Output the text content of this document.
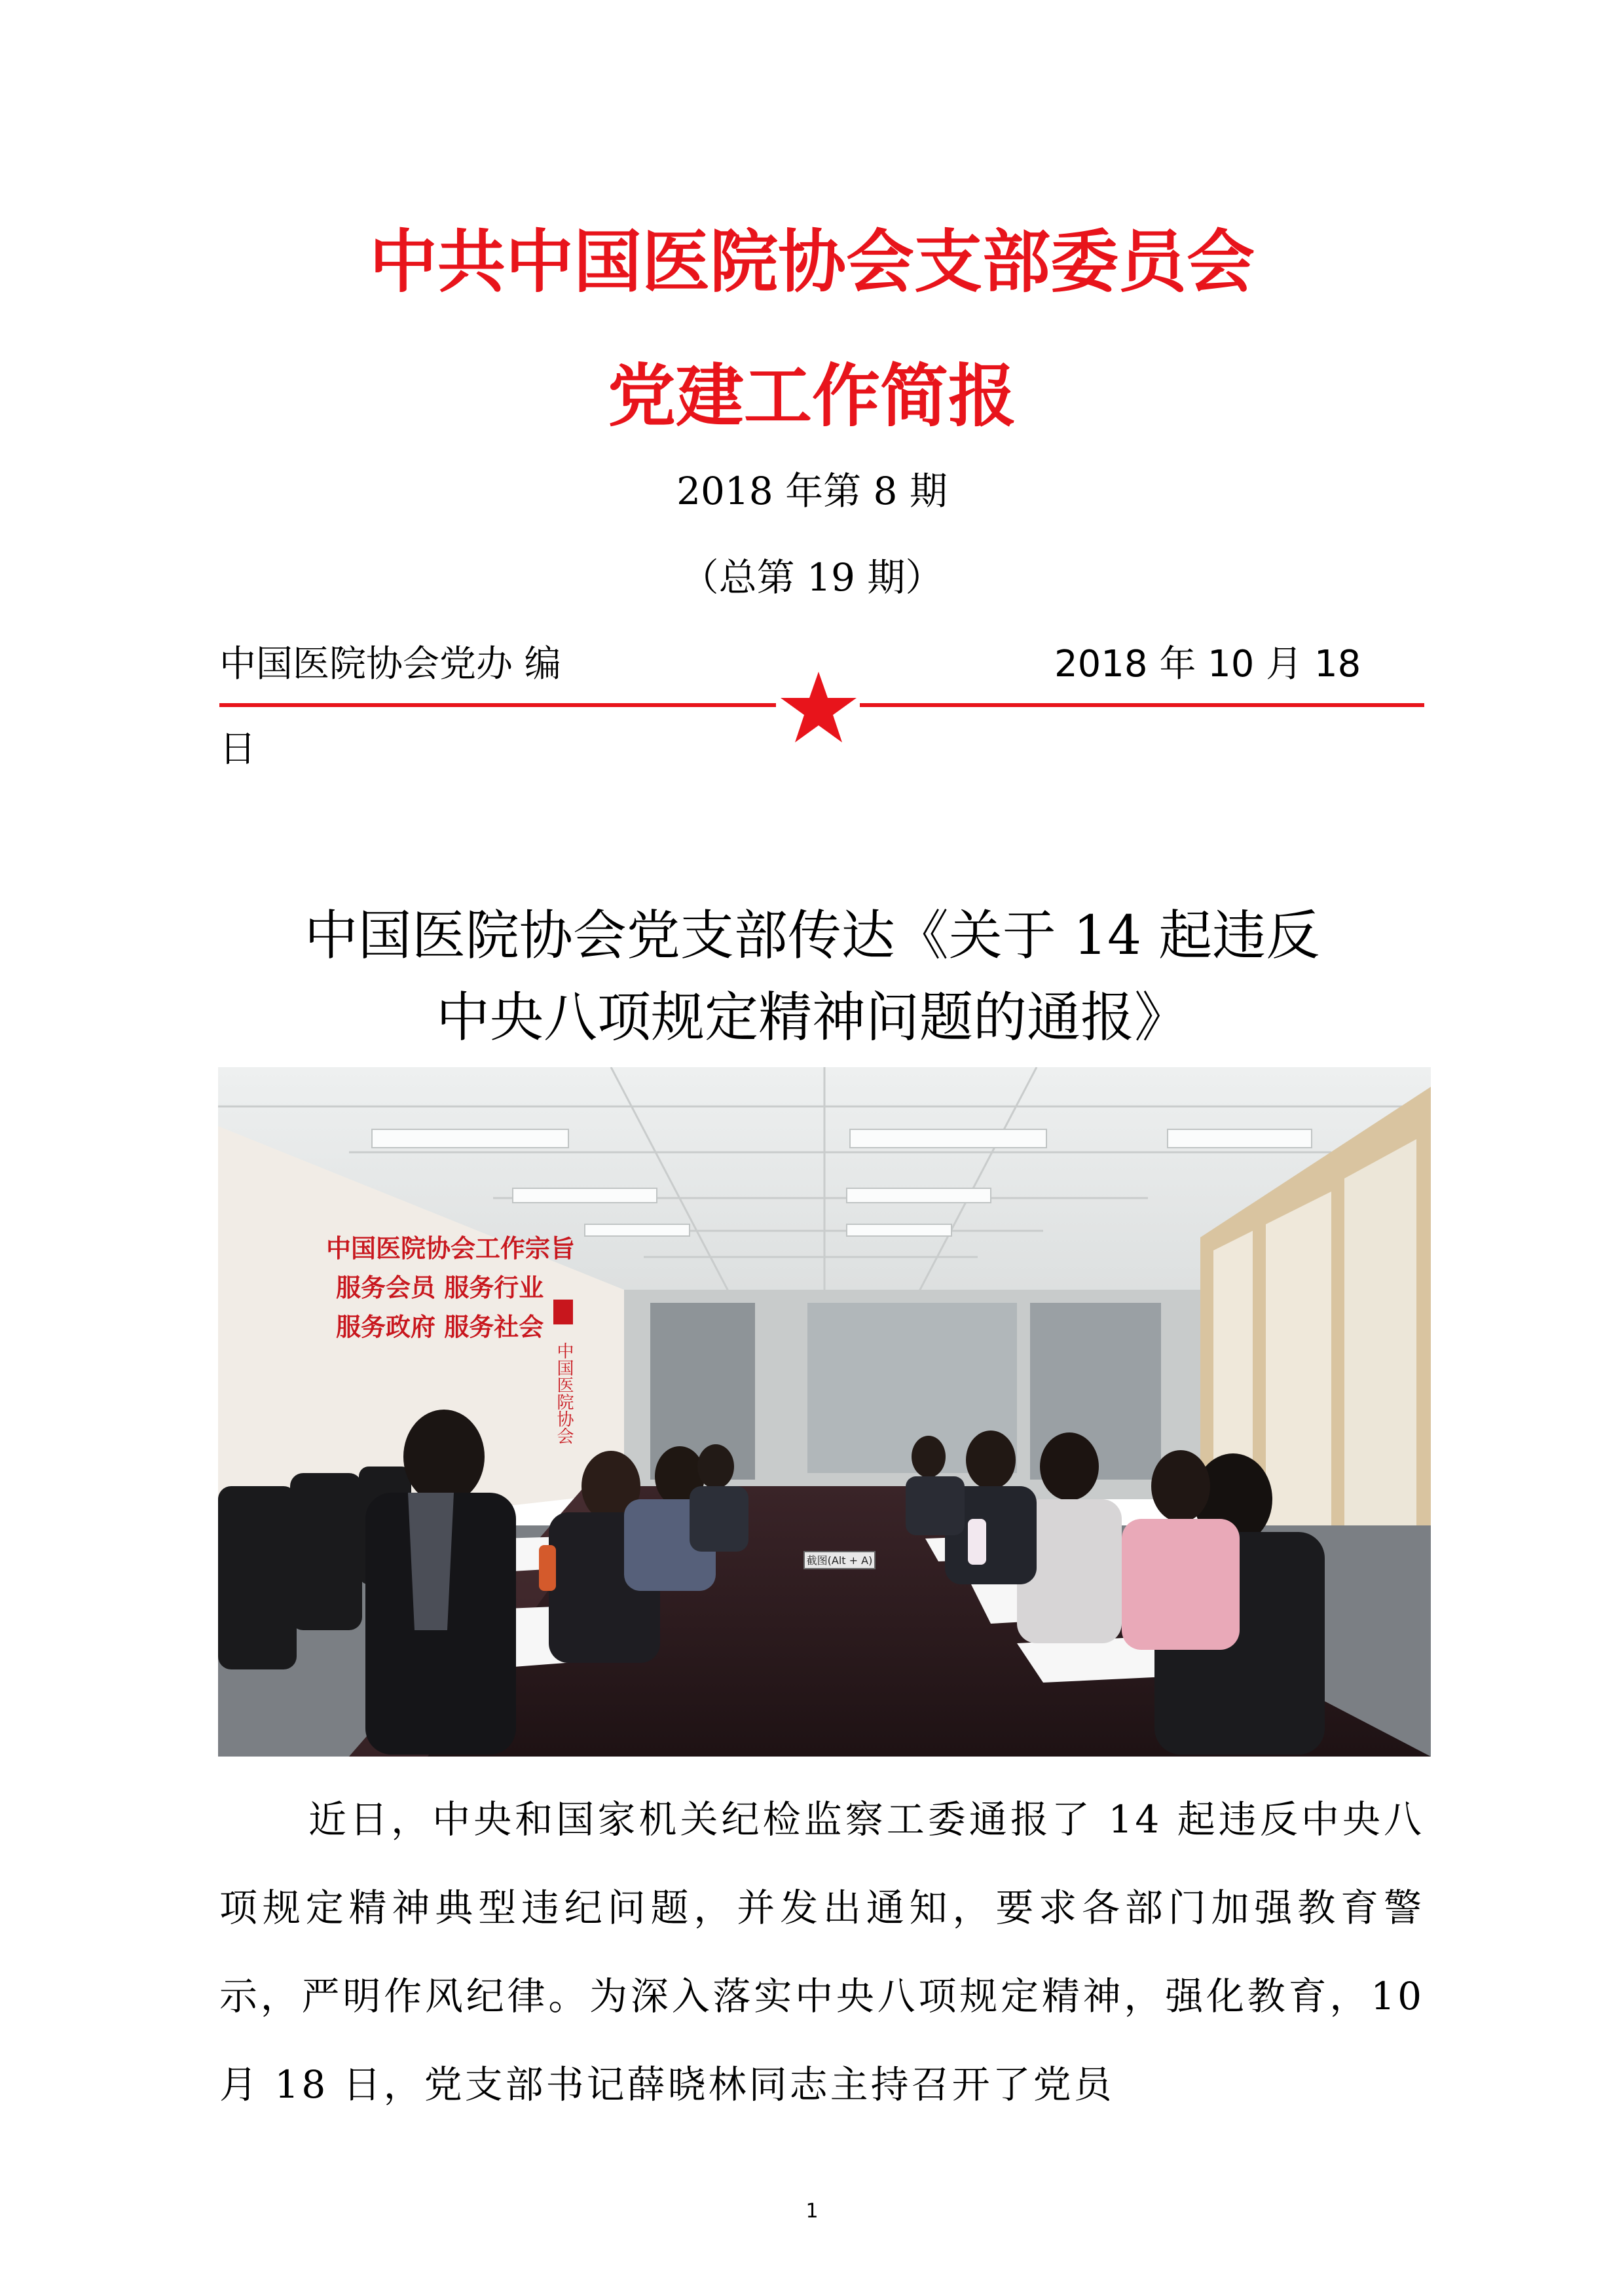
中共中国医院协会支部委员会
党建工作简报
2018 年第 8 期
（总第 19 期）
中国医院协会党办 编	2018 年 10 月 18
日
中国医院协会党支部传达《关于 14 起违反
中央八项规定精神问题的通报》
中国医院协会工作宗旨
服务会员 服务行业
服务政府 服务社会
中国医院协会
截图(Alt + A)
近日，中央和国家机关纪检监察工委通报了 14 起违反中央八项规定精神典型违纪问题，并发出通知，要求各部门加强教育警示，严明作风纪律。为深入落实中央八项规定精神，强化教育，10 月 18 日，党支部书记薛晓林同志主持召开了党员
1
